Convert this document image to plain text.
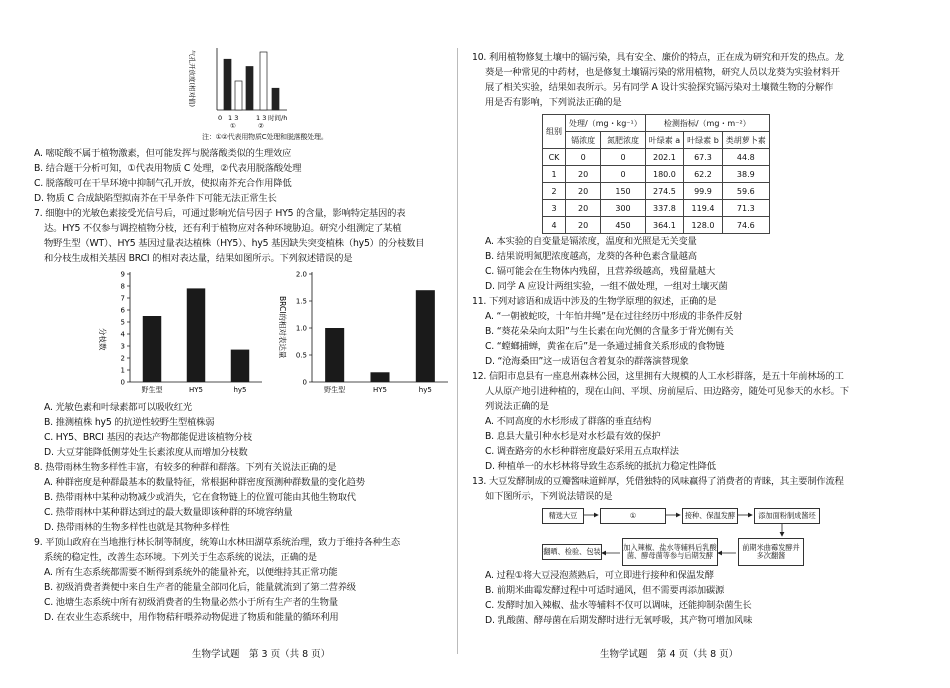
气孔开放度(相对值)
0 1 3	1 3 时间/h
①	②
注：①②代表用物质C处理和脱落酸处理。
A. 嘧啶酸不属于植物激素，但可能发挥与脱落酸类似的生理效应
B. 结合题干分析可知，①代表用物质 C 处理，②代表用脱落酸处理
C. 脱落酸可在干旱环境中抑制气孔开放，使拟南芥充合作用降低
D. 物质 C 合成缺陷型拟南芥在干旱条件下可能无法正常生长
7. 细胞中的光敏色素接受光信号后，可通过影响光信号因子 HY5 的含量，影响特定基因的表
达。HY5 不仅参与调控植物分枝，还有利于植物应对各种环境胁迫。研究小组测定了某植
物野生型（WT）、HY5 基因过量表达植株（HY5）、hy5 基因缺失突变植株（hy5）的分枝数目
和分枝生成相关基因 BRCI 的相对表达量，结果如图所示。下列叙述错误的是
分枝数
0
1
2
3
4
5
6
7
8
9
野生型	HY5	hy5
BRCI的相对表达量
0
0.5
1.0
1.5
2.0
野生型	HY5	hy5
A. 光敏色素和叶绿素都可以吸收红光
B. 推测植株 hy5 的抗逆性较野生型植株弱
C. HY5、BRCI 基因的表达产物都能促进该植物分枝
D. 大豆芽能降低侧芽处生长素浓度从而增加分枝数
8. 热带雨林生物多样性丰富，有较多的种群和群落。下列有关说法正确的是
A. 种群密度是种群最基本的数量特征，常根据种群密度预测种群数量的变化趋势
B. 热带雨林中某种动物减少或消失，它在食物链上的位置可能由其他生物取代
C. 热带雨林中某种群达到过的最大数量即该种群的环境容纳量
D. 热带雨林的生物多样性也就是其物种多样性
9. 平顶山政府在当地推行林长制等制度，统筹山水林田湖草系统治理，致力于维持各种生态
系统的稳定性，改善生态环境。下列关于生态系统的说法，正确的是
A. 所有生态系统都需要不断得到系统外的能量补充，以便维持其正常功能
B. 初级消费者粪便中来自生产者的能量全部同化后，能量就流到了第二营养级
C. 池塘生态系统中所有初级消费者的生物量必然小于所有生产者的生物量
D. 在农业生态系统中，用作物秸秆喂养动物促进了物质和能量的循环利用
生物学试题　第 3 页（共 8 页）
10. 利用植物修复土壤中的镉污染，具有安全、廉价的特点，正在成为研究和开发的热点。龙
葵是一种常见的中药材，也是修复土壤镉污染的常用植物，研究人员以龙葵为实验材料开
展了相关实验，结果如表所示。另有同学 A 设计实验探究镉污染对土壤微生物的分解作
用是否有影响，下列说法正确的是
组别	处理/（mg・kg⁻¹）		检测指标/（mg・m⁻²）		
	镉浓度	氮肥浓度	叶绿素 a	叶绿素 b	类胡萝卜素
CK	0	0	202.1	67.3	44.8
1	20	0	180.0	62.2	38.9
2	20	150	274.5	99.9	59.6
3	20	300	337.8	119.4	71.3
4	20	450	364.1	128.0	74.6
A. 本实验的自变量是镉浓度，温度和光照是无关变量
B. 结果说明氮肥浓度越高，龙葵的各种色素含量越高
C. 镉可能会在生物体内残留，且营养级越高，残留量越大
D. 同学 A 应设计两组实验，一组不做处理，一组对土壤灭菌
11. 下列对谚语和成语中涉及的生物学原理的叙述，正确的是
A. “一朝被蛇咬，十年怕井绳”是在过往经历中形成的非条件反射
B. “葵花朵朵向太阳”与生长素在向光侧的含量多于背光侧有关
C. “螳螂捕蝉，黄雀在后”是一条通过捕食关系形成的食物链
D. “沧海桑田”这一成语包含着复杂的群落演替现象
12. 信阳市息县有一座息州森林公园，这里拥有大规模的人工水杉群落，是五十年前林场的工
人从原产地引进种植的，现在山间、平坝、房前屋后、田边路旁，随处可见参天的水杉。下
列说法正确的是
A. 不同高度的水杉形成了群落的垂直结构
B. 息县大量引种水杉是对水杉最有效的保护
C. 调查路旁的水杉种群密度最好采用五点取样法
D. 种植单一的水杉林将导致生态系统的抵抗力稳定性降低
13. 大豆发酵制成的豆瓣酱味道鲜厚，凭借独特的风味赢得了消费者的青睐，其主要制作流程
如下图所示，下列说法错误的是
精选大豆	①	接种、保温发酵	添加面粉制成酱坯
前期米曲霉发酵并多次翻酱
加入辣椒、盐水等辅料后乳酸菌、酵母菌等参与后期发酵
翻晒、检验、包装
A. 过程①将大豆浸泡蒸熟后，可立即进行接种和保温发酵
B. 前期米曲霉发酵过程中可适时通风，但不需要再添加碳源
C. 发酵时加入辣椒、盐水等辅料不仅可以调味，还能抑制杂菌生长
D. 乳酸菌、酵母菌在后期发酵时进行无氧呼吸，其产物可增加风味
生物学试题　第 4 页（共 8 页）
